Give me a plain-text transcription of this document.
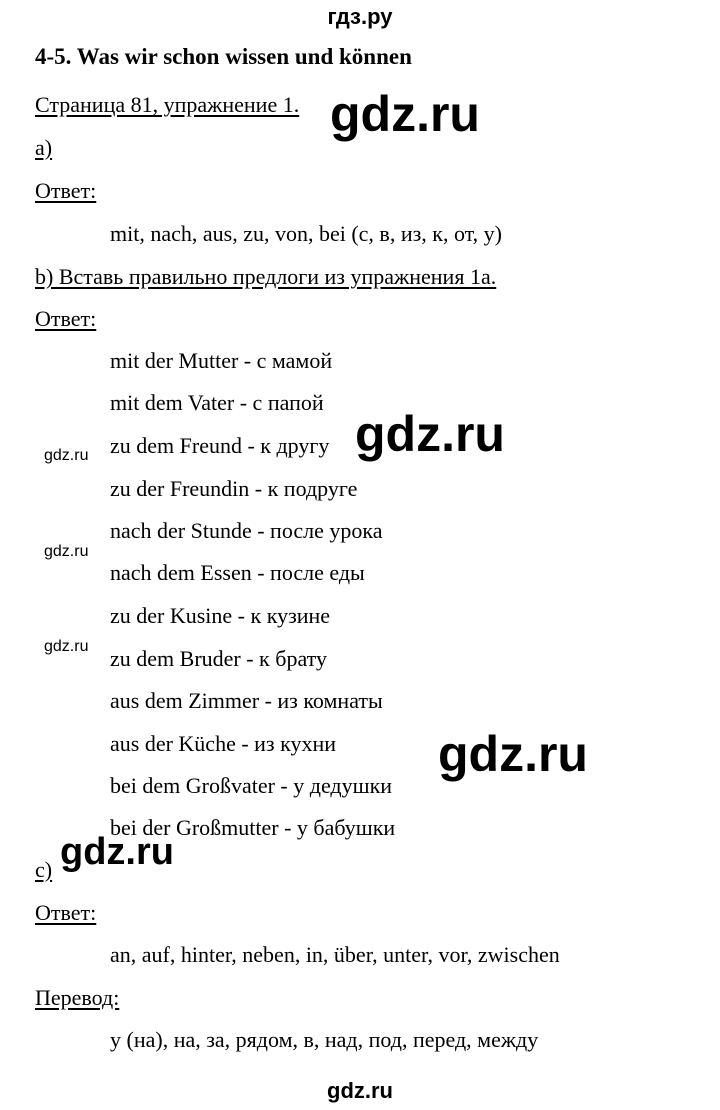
гдз.ру
4-5. Was wir schon wissen und können
Страница 81, упражнение 1.
а)
Ответ:
mit, nach, aus, zu, von, bei (с, в, из, к, от, у)
b) Вставь правильно предлоги из упражнения 1а.
Ответ:
mit der Mutter - с мамой
mit dem Vater - с папой
zu dem Freund - к другу
zu der Freundin - к подруге
nach der Stunde - после урока
nach dem Essen - после еды
zu der Kusine - к кузине
zu dem Bruder - к брату
aus dem Zimmer - из комнаты
aus der Küche - из кухни
bei dem Großvater - у дедушки
bei der Großmutter - у бабушки
с)
Ответ:
an, auf, hinter, neben, in, über, unter, vor, zwischen
Перевод:
у (на), на, за, рядом, в, над, под, перед, между
gdz.ru
gdz.ru
gdz.ru
gdz.ru
gdz.ru
gdz.ru
gdz.ru
gdz.ru
